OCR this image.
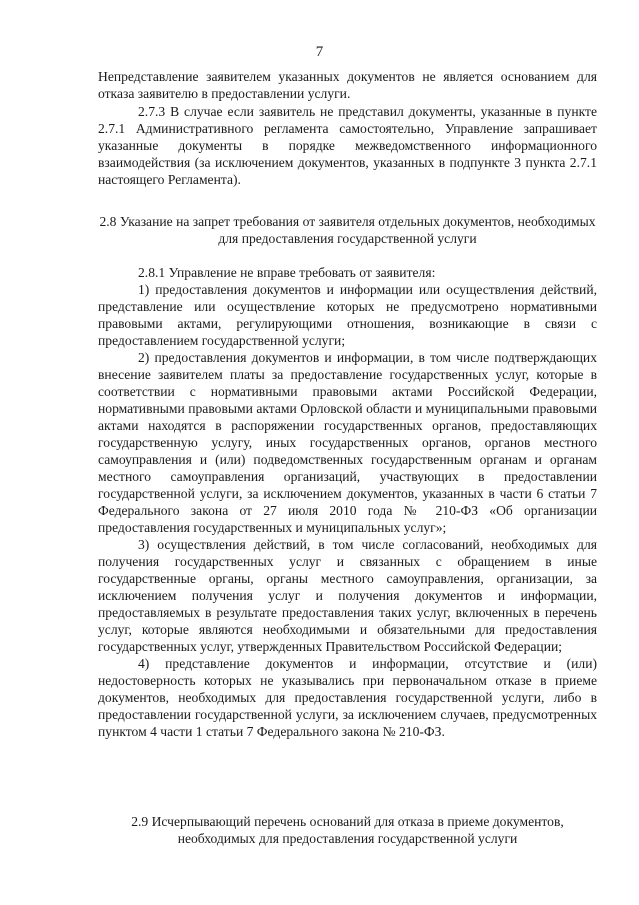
7

Непредставление заявителем указанных документов не является основанием для отказа заявителю в предоставлении услуги.

2.7.3 В случае если заявитель не представил документы, указанные в пункте 2.7.1 Административного регламента самостоятельно, Управление запрашивает указанные документы в порядке межведомственного информационного взаимодействия (за исключением документов, указанных в подпункте 3 пункта 2.7.1 настоящего Регламента).

2.8 Указание на запрет требования от заявителя отдельных документов, необходимых для предоставления государственной услуги

2.8.1 Управление не вправе требовать от заявителя:

1) предоставления документов и информации или осуществления действий, представление или осуществление которых не предусмотрено нормативными правовыми актами, регулирующими отношения, возникающие в связи с предоставлением государственной услуги;

2) предоставления документов и информации, в том числе подтверждающих внесение заявителем платы за предоставление государственных услуг, которые в соответствии с нормативными правовыми актами Российской Федерации, нормативными правовыми актами Орловской области и муниципальными правовыми актами находятся в распоряжении государственных органов, предоставляющих государственную услугу, иных государственных органов, органов местного самоуправления и (или) подведомственных государственным органам и органам местного самоуправления организаций, участвующих в предоставлении государственной услуги, за исключением документов, указанных в части 6 статьи 7 Федерального закона от 27 июля 2010 года № 210-ФЗ «Об организации предоставления государственных и муниципальных услуг»;

3) осуществления действий, в том числе согласований, необходимых для получения государственных услуг и связанных с обращением в иные государственные органы, органы местного самоуправления, организации, за исключением получения услуг и получения документов и информации, предоставляемых в результате предоставления таких услуг, включенных в перечень услуг, которые являются необходимыми и обязательными для предоставления государственных услуг, утвержденных Правительством Российской Федерации;

4) представление документов и информации, отсутствие и (или) недостоверность которых не указывались при первоначальном отказе в приеме документов, необходимых для предоставления государственной услуги, либо в предоставлении государственной услуги, за исключением случаев, предусмотренных пунктом 4 части 1 статьи 7 Федерального закона № 210-ФЗ.

2.9 Исчерпывающий перечень оснований для отказа в приеме документов, необходимых для предоставления государственной услуги
